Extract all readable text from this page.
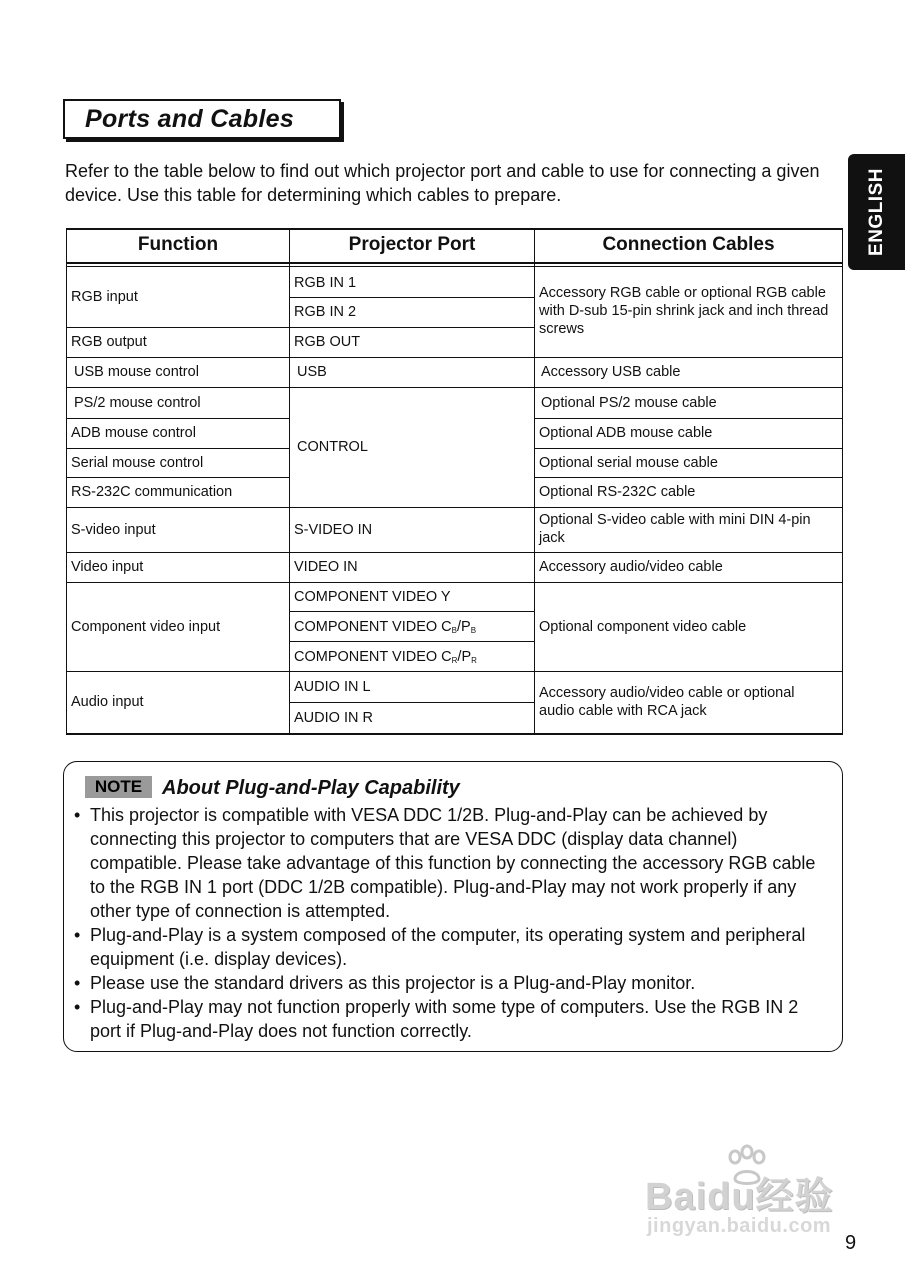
Ports and Cables
ENGLISH
Refer to the table below to find out which projector port and cable to use for connecting a given device. Use this table for determining which cables to prepare.
Function	Projector Port	Connection Cables
RGB input
RGB output
USB mouse control
PS/2 mouse control
ADB mouse control
Serial mouse control
RS-232C communication
S-video input
Video input
Component video input
Audio input
RGB IN 1
RGB IN 2
RGB OUT
USB
CONTROL
S-VIDEO IN
VIDEO IN
COMPONENT VIDEO Y
COMPONENT VIDEO $C_B/P_B$
COMPONENT VIDEO $C_R/P_R$
AUDIO IN L
AUDIO IN R
Accessory RGB cable or optional RGB cable with D-sub 15-pin shrink jack and inch thread screws
Accessory USB cable
Optional PS/2 mouse cable
Optional ADB mouse cable
Optional serial mouse cable
Optional RS-232C cable
Optional S-video cable with mini DIN 4-pin jack
Accessory audio/video cable
Optional component video cable
Accessory audio/video cable or optional audio cable with RCA jack
NOTE About Plug-and-Play Capability
• This projector is compatible with VESA DDC 1/2B. Plug-and-Play can be achieved by connecting this projector to computers that are VESA DDC (display data channel) compatible. Please take advantage of this function by connecting the accessory RGB cable to the RGB IN 1 port (DDC 1/2B compatible). Plug-and-Play may not work properly if any other type of connection is attempted.
• Plug-and-Play is a system composed of the computer, its operating system and peripheral equipment (i.e. display devices).
• Please use the standard drivers as this projector is a Plug-and-Play monitor.
• Plug-and-Play may not function properly with some type of computers. Use the RGB IN 2 port if Plug-and-Play does not function correctly.
Baidu经验
jingyan.baidu.com
9
